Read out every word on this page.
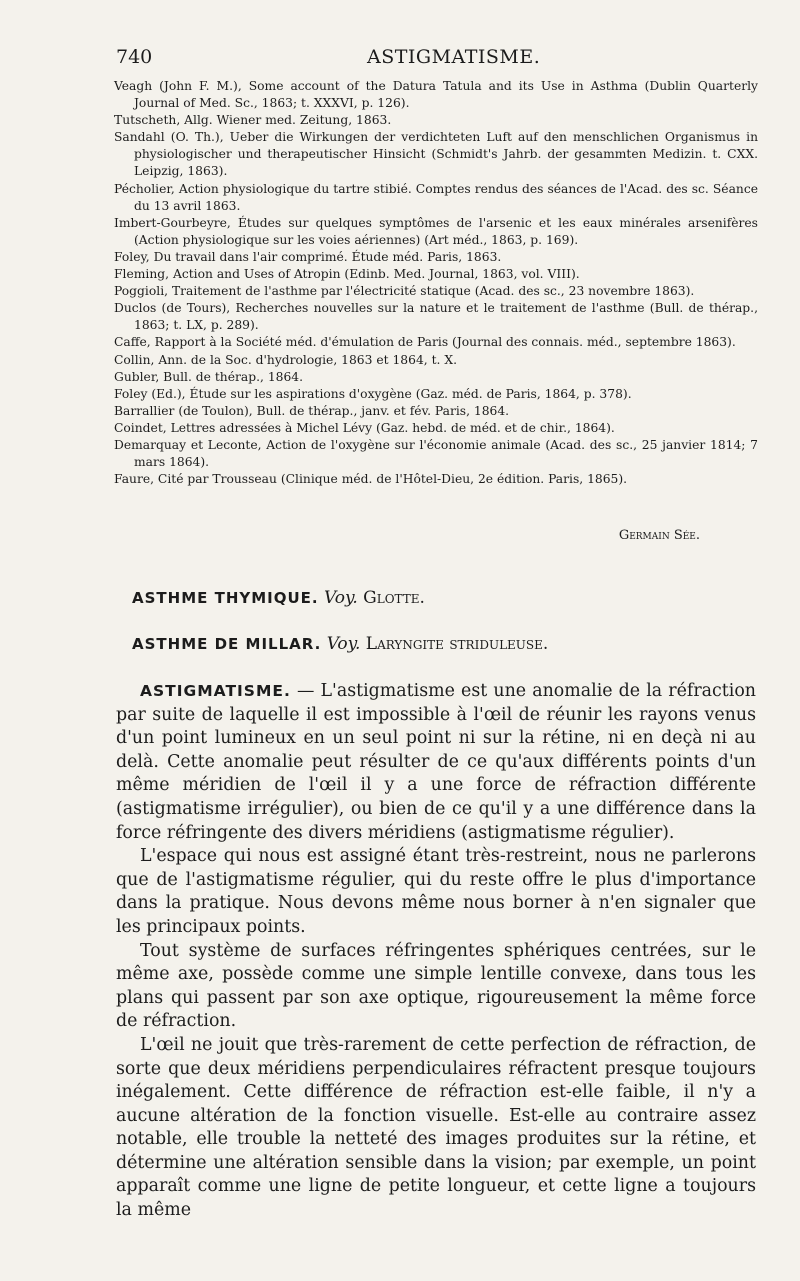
740	ASTIGMATISME.

Veagh (John F. M.), Some account of the Datura Tatula and its Use in Asthma (Dublin Quarterly Journal of Med. Sc., 1863; t. XXXVI, p. 126).

Tutscheth, Allg. Wiener med. Zeitung, 1863.

Sandahl (O. Th.), Ueber die Wirkungen der verdichteten Luft auf den menschlichen Organismus in physiologischer und therapeutischer Hinsicht (Schmidt's Jahrb. der gesammten Medizin. t. CXX. Leipzig, 1863).

Pécholier, Action physiologique du tartre stibié. Comptes rendus des séances de l'Acad. des sc. Séance du 13 avril 1863.

Imbert-Gourbeyre, Études sur quelques symptômes de l'arsenic et les eaux minérales arsenifères (Action physiologique sur les voies aériennes) (Art méd., 1863, p. 169).

Foley, Du travail dans l'air comprimé. Étude méd. Paris, 1863.

Fleming, Action and Uses of Atropin (Edinb. Med. Journal, 1863, vol. VIII).

Poggioli, Traitement de l'asthme par l'électricité statique (Acad. des sc., 23 novembre 1863).

Duclos (de Tours), Recherches nouvelles sur la nature et le traitement de l'asthme (Bull. de thérap., 1863; t. LX, p. 289).

Caffe, Rapport à la Société méd. d'émulation de Paris (Journal des connais. méd., septembre 1863).

Collin, Ann. de la Soc. d'hydrologie, 1863 et 1864, t. X.

Gubler, Bull. de thérap., 1864.

Foley (Ed.), Étude sur les aspirations d'oxygène (Gaz. méd. de Paris, 1864, p. 378).

Barrallier (de Toulon), Bull. de thérap., janv. et fév. Paris, 1864.

Coindet, Lettres adressées à Michel Lévy (Gaz. hebd. de méd. et de chir., 1864).

Demarquay et Leconte, Action de l'oxygène sur l'économie animale (Acad. des sc., 25 janvier 1814; 7 mars 1864).

Faure, Cité par Trousseau (Clinique méd. de l'Hôtel-Dieu, 2e édition. Paris, 1865).

Germain Sée.
ASTHME THYMIQUE. Voy. Glotte.
ASTHME DE MILLAR. Voy. Laryngite striduleuse.

ASTIGMATISME. — L'astigmatisme est une anomalie de la réfraction par suite de laquelle il est impossible à l'œil de réunir les rayons venus d'un point lumineux en un seul point ni sur la rétine, ni en deçà ni au delà. Cette anomalie peut résulter de ce qu'aux différents points d'un même méridien de l'œil il y a une force de réfraction différente (astigmatisme irrégulier), ou bien de ce qu'il y a une différence dans la force réfringente des divers méridiens (astigmatisme régulier).

L'espace qui nous est assigné étant très-restreint, nous ne parlerons que de l'astigmatisme régulier, qui du reste offre le plus d'importance dans la pratique. Nous devons même nous borner à n'en signaler que les principaux points.

Tout système de surfaces réfringentes sphériques centrées, sur le même axe, possède comme une simple lentille convexe, dans tous les plans qui passent par son axe optique, rigoureusement la même force de réfraction.

L'œil ne jouit que très-rarement de cette perfection de réfraction, de sorte que deux méridiens perpendiculaires réfractent presque toujours inégalement. Cette différence de réfraction est-elle faible, il n'y a aucune altération de la fonction visuelle. Est-elle au contraire assez notable, elle trouble la netteté des images produites sur la rétine, et détermine une altération sensible dans la vision; par exemple, un point apparaît comme une ligne de petite longueur, et cette ligne a toujours la même
